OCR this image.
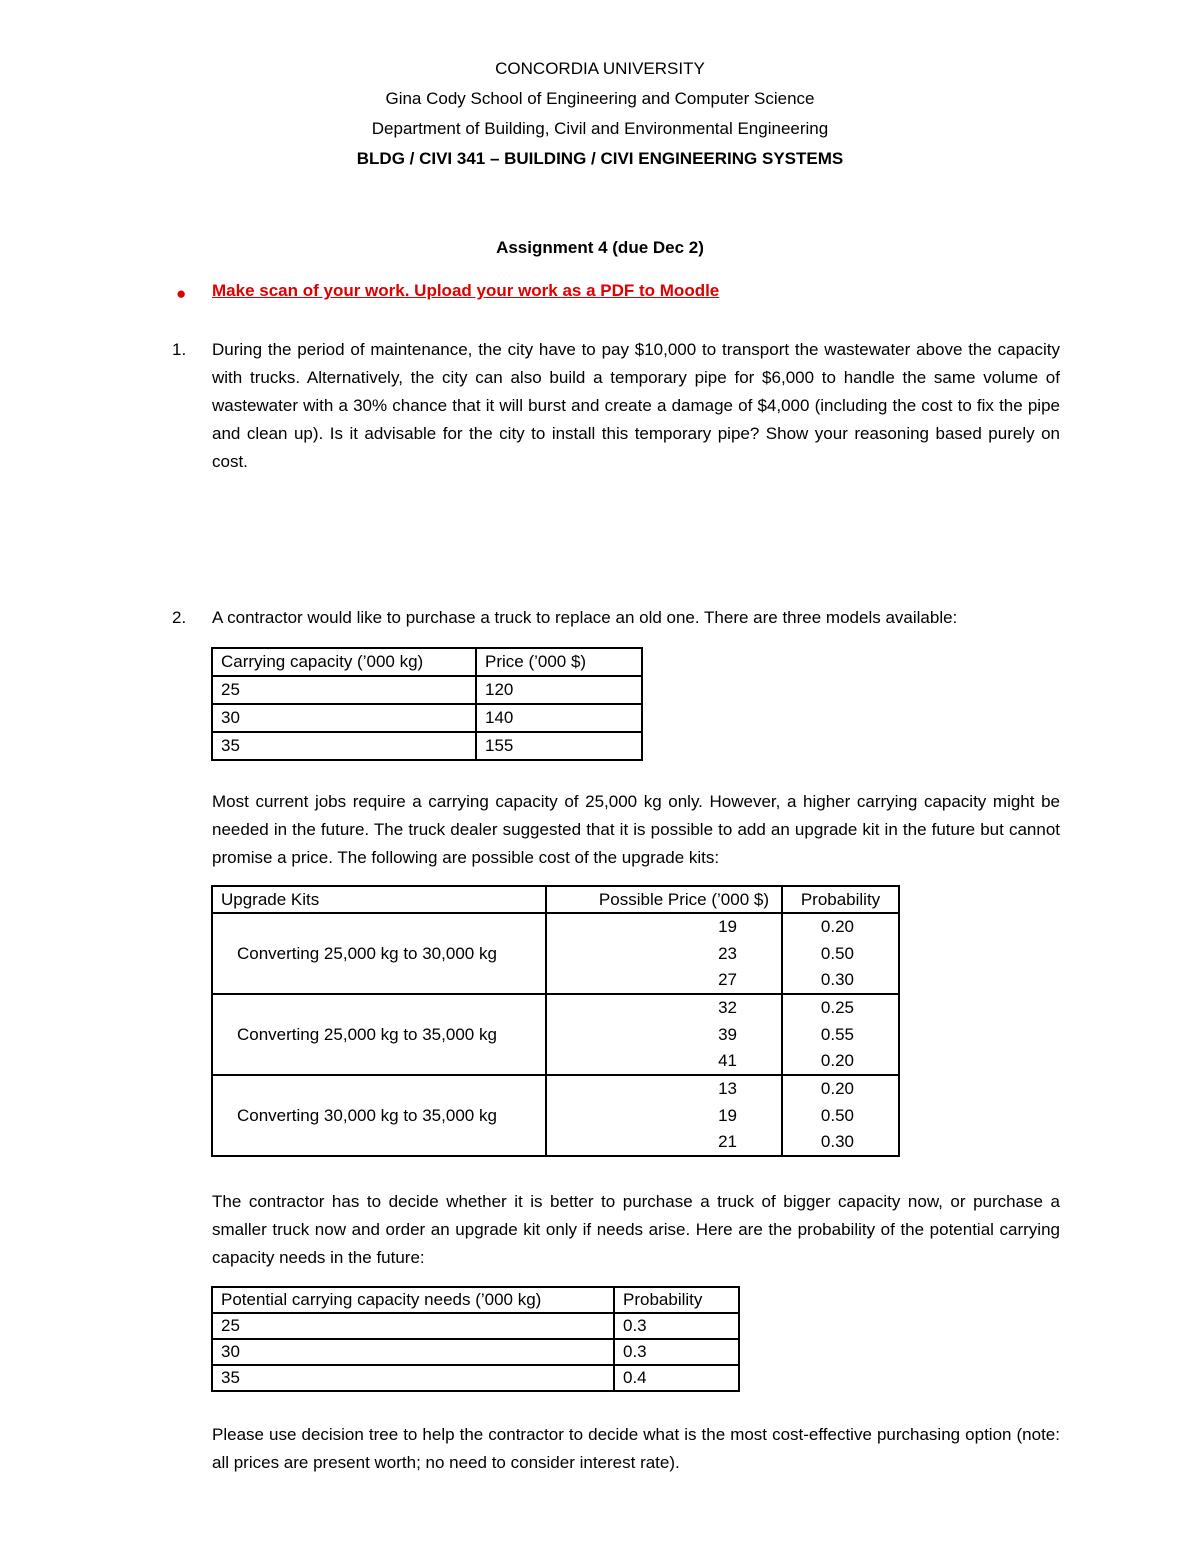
CONCORDIA UNIVERSITY
Gina Cody School of Engineering and Computer Science
Department of Building, Civil and Environmental Engineering
BLDG / CIVI 341 – BUILDING / CIVI ENGINEERING SYSTEMS
Assignment 4 (due Dec 2)
● Make scan of your work. Upload your work as a PDF to Moodle
1. During the period of maintenance, the city have to pay $10,000 to transport the wastewater above the capacity with trucks. Alternatively, the city can also build a temporary pipe for $6,000 to handle the same volume of wastewater with a 30% chance that it will burst and create a damage of $4,000 (including the cost to fix the pipe and clean up). Is it advisable for the city to install this temporary pipe? Show your reasoning based purely on cost.
2. A contractor would like to purchase a truck to replace an old one. There are three models available:
Carrying capacity (’000 kg)	Price (’000 $)
25	120
30	140
35	155
Most current jobs require a carrying capacity of 25,000 kg only. However, a higher carrying capacity might be needed in the future. The truck dealer suggested that it is possible to add an upgrade kit in the future but cannot promise a price. The following are possible cost of the upgrade kits:
Upgrade Kits	Possible Price (’000 $)	Probability
Converting 25,000 kg to 30,000 kg	19	0.20
	23	0.50
	27	0.30
Converting 25,000 kg to 35,000 kg	32	0.25
	39	0.55
	41	0.20
Converting 30,000 kg to 35,000 kg	13	0.20
	19	0.50
	21	0.30
The contractor has to decide whether it is better to purchase a truck of bigger capacity now, or purchase a smaller truck now and order an upgrade kit only if needs arise. Here are the probability of the potential carrying capacity needs in the future:
Potential carrying capacity needs (’000 kg)	Probability
25	0.3
30	0.3
35	0.4
Please use decision tree to help the contractor to decide what is the most cost-effective purchasing option (note: all prices are present worth; no need to consider interest rate).
